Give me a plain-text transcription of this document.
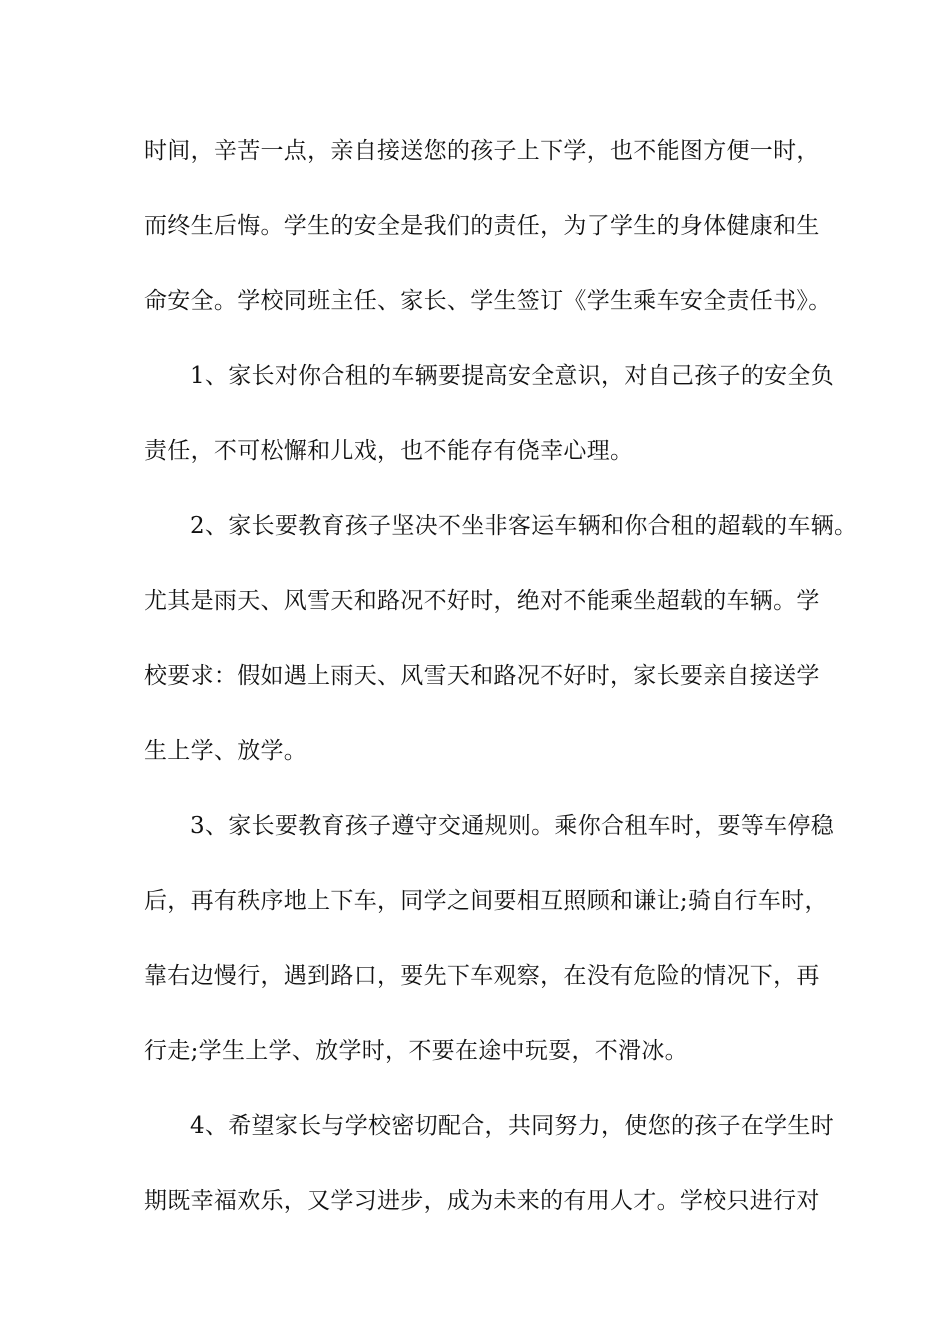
时间，辛苦一点，亲自接送您的孩子上下学，也不能图方便一时，
而终生后悔。学生的安全是我们的责任，为了学生的身体健康和生
命安全。学校同班主任、家长、学生签订《学生乘车安全责任书》。
1、家长对你合租的车辆要提高安全意识，对自己孩子的安全负
责任，不可松懈和儿戏，也不能存有侥幸心理。
2、家长要教育孩子坚决不坐非客运车辆和你合租的超载的车辆。
尤其是雨天、风雪天和路况不好时，绝对不能乘坐超载的车辆。学
校要求：假如遇上雨天、风雪天和路况不好时，家长要亲自接送学
生上学、放学。
3、家长要教育孩子遵守交通规则。乘你合租车时，要等车停稳
后，再有秩序地上下车，同学之间要相互照顾和谦让;骑自行车时，
靠右边慢行，遇到路口，要先下车观察，在没有危险的情况下，再
行走;学生上学、放学时，不要在途中玩耍，不滑冰。
4、希望家长与学校密切配合，共同努力，使您的孩子在学生时
期既幸福欢乐，又学习进步，成为未来的有用人才。学校只进行对
